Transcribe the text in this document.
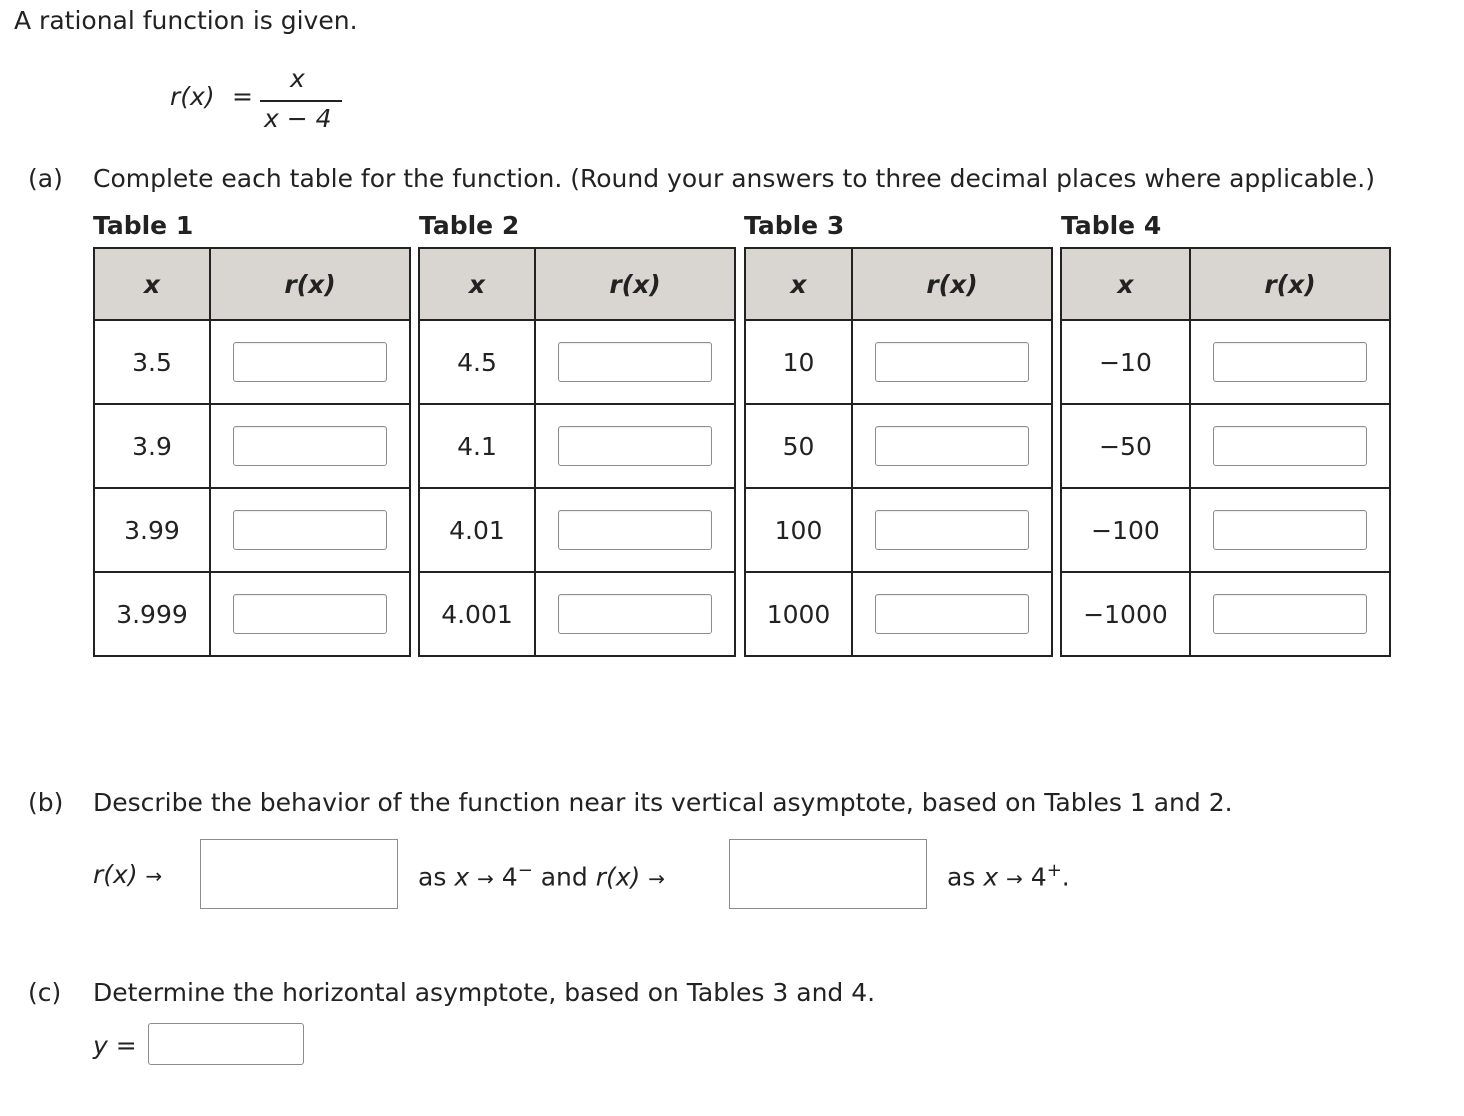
A rational function is given.
r(x) =
x
x − 4
(a) Complete each table for the function. (Round your answers to three decimal places where applicable.)
Table 1	Table 2	Table 3	Table 4
x	r(x)
3.5	
3.9	
3.99	
3.999	
x	r(x)
4.5	
4.1	
4.01	
4.001	
x	r(x)
10	
50	
100	
1000	
x	r(x)
−10	
−50	
−100	
−1000	
(b) Describe the behavior of the function near its vertical asymptote, based on Tables 1 and 2.
r(x) →	as x → 4− and r(x) →	as x → 4+.
(c) Determine the horizontal asymptote, based on Tables 3 and 4.
y =
